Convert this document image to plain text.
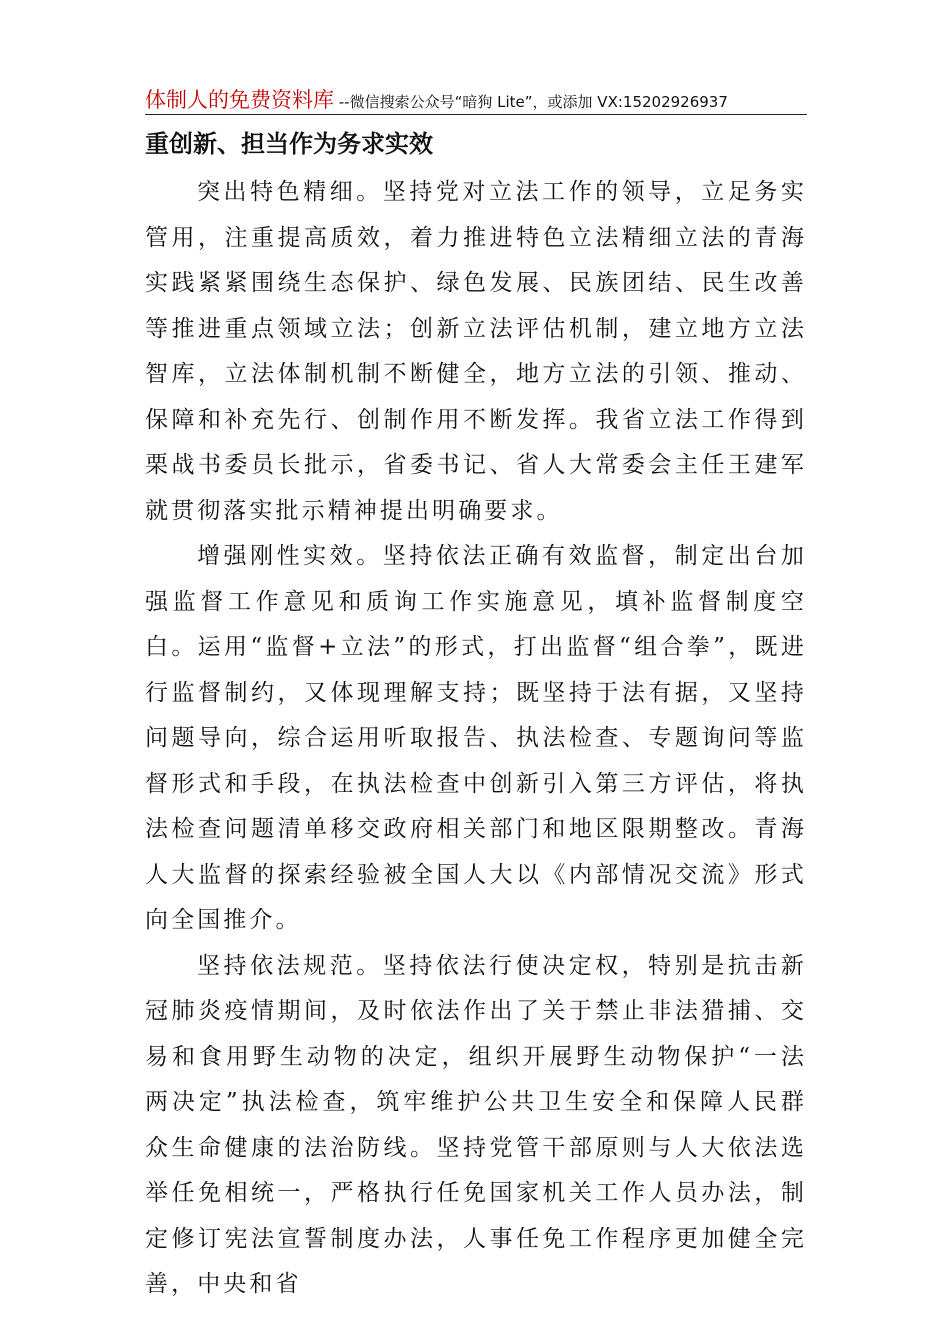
体制人的免费资料库 --微信搜索公众号“暗狗 Lite”，或添加 VX:15202926937
重创新、担当作为务求实效

突出特色精细。坚持党对立法工作的领导，立足务实管用，注重提高质效，着力推进特色立法精细立法的青海实践紧紧围绕生态保护、绿色发展、民族团结、民生改善等推进重点领域立法；创新立法评估机制，建立地方立法智库，立法体制机制不断健全，地方立法的引领、推动、保障和补充先行、创制作用不断发挥。我省立法工作得到栗战书委员长批示，省委书记、省人大常委会主任王建军就贯彻落实批示精神提出明确要求。

增强刚性实效。坚持依法正确有效监督，制定出台加强监督工作意见和质询工作实施意见，填补监督制度空白。运用“监督+立法”的形式，打出监督“组合拳”，既进行监督制约，又体现理解支持；既坚持于法有据，又坚持问题导向，综合运用听取报告、执法检查、专题询问等监督形式和手段，在执法检查中创新引入第三方评估，将执法检查问题清单移交政府相关部门和地区限期整改。青海人大监督的探索经验被全国人大以《内部情况交流》形式向全国推介。

坚持依法规范。坚持依法行使决定权，特别是抗击新冠肺炎疫情期间，及时依法作出了关于禁止非法猎捕、交易和食用野生动物的决定，组织开展野生动物保护“一法两决定”执法检查，筑牢维护公共卫生安全和保障人民群众生命健康的法治防线。坚持党管干部原则与人大依法选举任免相统一，严格执行任免国家机关工作人员办法，制定修订宪法宣誓制度办法，人事任免工作程序更加健全完善，中央和省
